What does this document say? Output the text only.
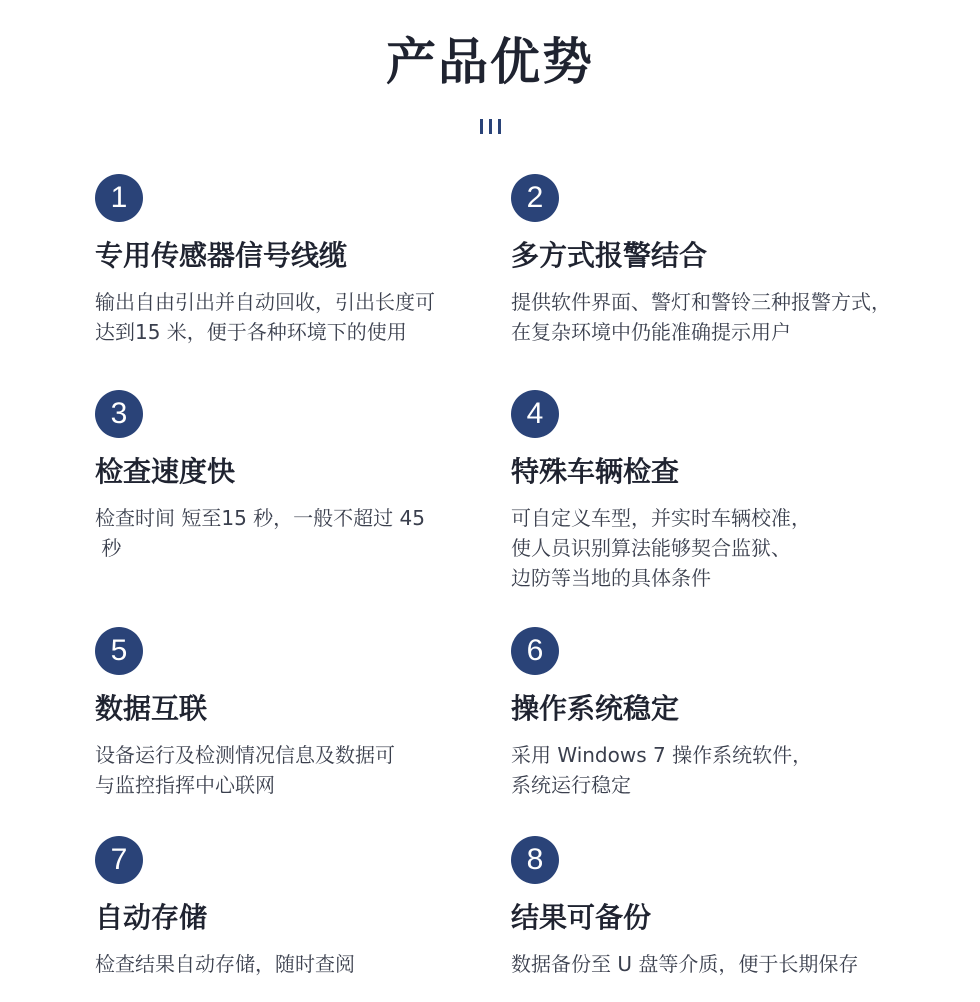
产品优势
1
专用传感器信号线缆
输出自由引出并自动回收，引出长度可
达到15 米，便于各种环境下的使用
2
多方式报警结合
提供软件界面、警灯和警铃三种报警方式，
在复杂环境中仍能准确提示用户
3
检查速度快
检查时间 短至15 秒，一般不超过 45
秒
4
特殊车辆检查
可自定义车型，并实时车辆校准，
使人员识别算法能够契合监狱、
边防等当地的具体条件
5
数据互联
设备运行及检测情况信息及数据可
与监控指挥中心联网
6
操作系统稳定
采用 Windows 7 操作系统软件，
系统运行稳定
7
自动存储
检查结果自动存储，随时查阅
8
结果可备份
数据备份至 U 盘等介质，便于长期保存
